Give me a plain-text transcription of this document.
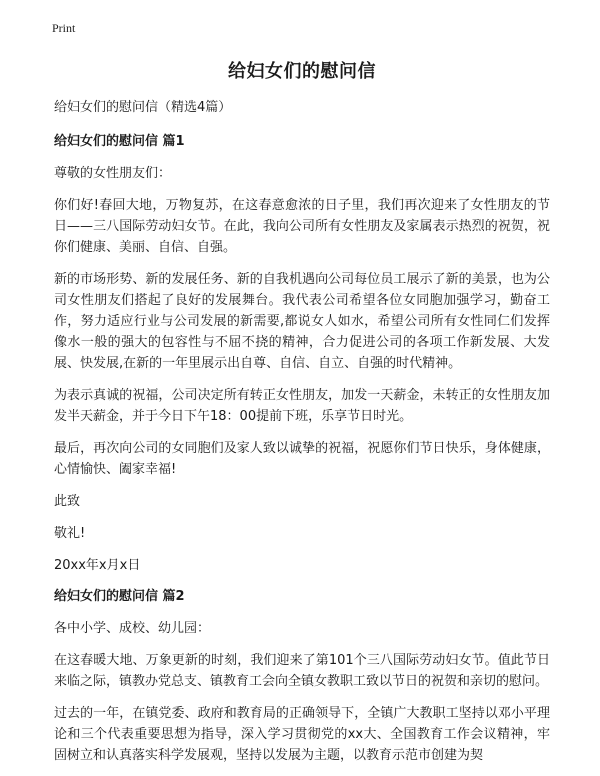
Print
给妇女们的慰问信
给妇女们的慰问信（精选4篇）
给妇女们的慰问信 篇1
尊敬的女性朋友们：
你们好!春回大地，万物复苏，在这春意愈浓的日子里，我们再次迎来了女性朋友的节日——三八国际劳动妇女节。在此，我向公司所有女性朋友及家属表示热烈的祝贺，祝你们健康、美丽、自信、自强。
新的市场形势、新的发展任务、新的自我机遇向公司每位员工展示了新的美景，也为公司女性朋友们搭起了良好的发展舞台。我代表公司希望各位女同胞加强学习，勤奋工作，努力适应行业与公司发展的新需要,都说女人如水，希望公司所有女性同仁们发挥像水一般的强大的包容性与不屈不挠的精神，合力促进公司的各项工作新发展、大发展、快发展,在新的一年里展示出自尊、自信、自立、自强的时代精神。
为表示真诚的祝福，公司决定所有转正女性朋友，加发一天薪金，未转正的女性朋友加发半天薪金，并于今日下午18：00提前下班，乐享节日时光。
最后，再次向公司的女同胞们及家人致以诚挚的祝福，祝愿你们节日快乐，身体健康，心情愉快、阖家幸福!
此致
敬礼!
20xx年x月x日
给妇女们的慰问信 篇2
各中小学、成校、幼儿园：
在这春暖大地、万象更新的时刻，我们迎来了第101个三八国际劳动妇女节。值此节日来临之际，镇教办党总支、镇教育工会向全镇女教职工致以节日的祝贺和亲切的慰问。
过去的一年，在镇党委、政府和教育局的正确领导下，全镇广大教职工坚持以邓小平理论和三个代表重要思想为指导，深入学习贯彻党的xx大、全国教育工作会议精神，牢固树立和认真落实科学发展观，坚持以发展为主题，以教育示范市创建为契
